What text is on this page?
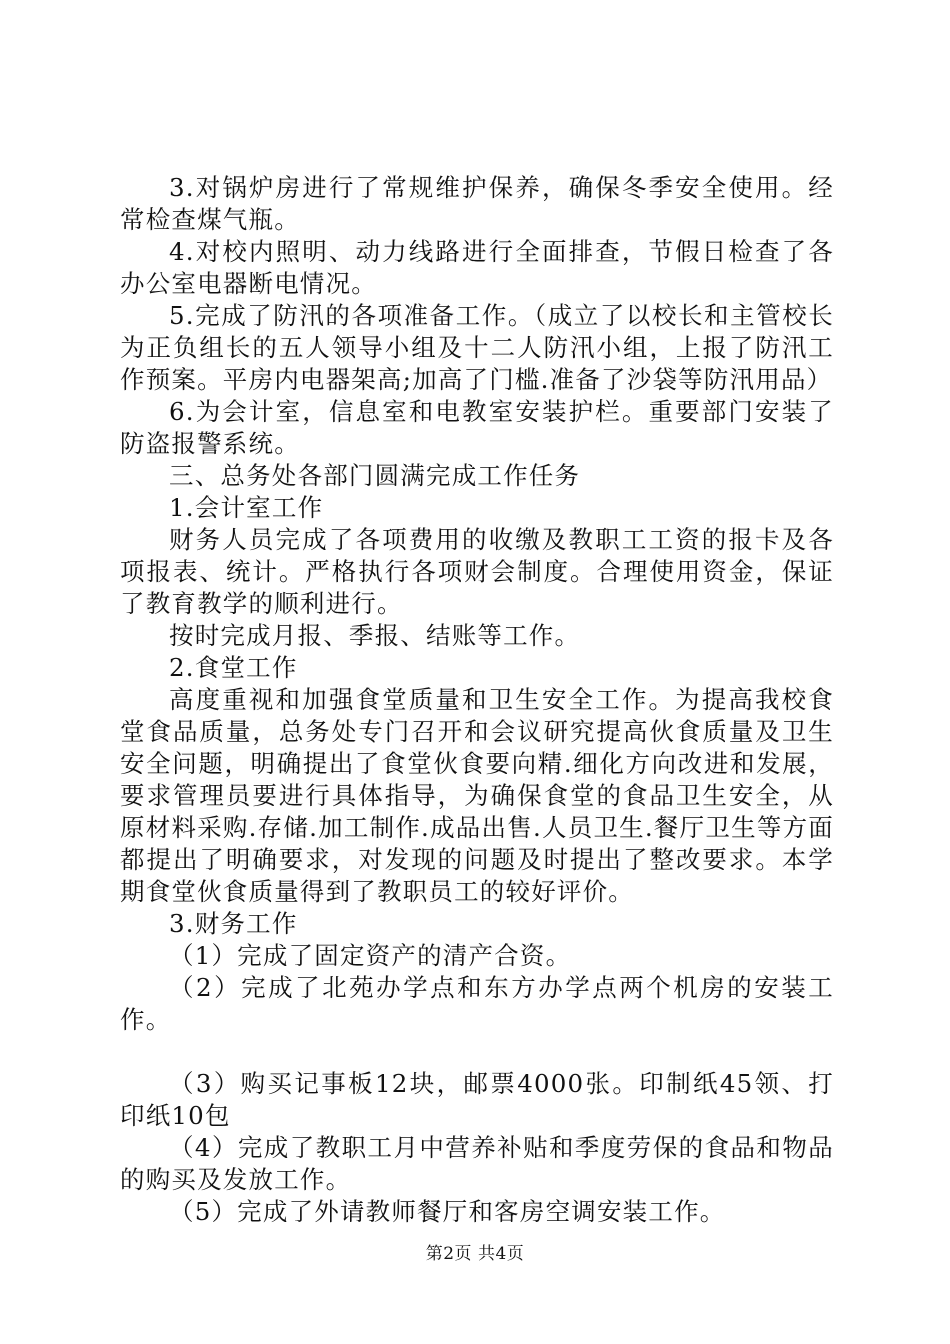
3.对锅炉房进行了常规维护保养，确保冬季安全使用。经常检查煤气瓶。

4.对校内照明、动力线路进行全面排查，节假日检查了各办公室电器断电情况。

5.完成了防汛的各项准备工作。（成立了以校长和主管校长为正负组长的五人领导小组及十二人防汛小组，上报了防汛工作预案。平房内电器架高;加高了门槛.准备了沙袋等防汛用品）

6.为会计室，信息室和电教室安装护栏。重要部门安装了防盗报警系统。

三、总务处各部门圆满完成工作任务

1.会计室工作

财务人员完成了各项费用的收缴及教职工工资的报卡及各项报表、统计。严格执行各项财会制度。合理使用资金，保证了教育教学的顺利进行。

按时完成月报、季报、结账等工作。

2.食堂工作

高度重视和加强食堂质量和卫生安全工作。为提高我校食堂食品质量，总务处专门召开和会议研究提高伙食质量及卫生安全问题，明确提出了食堂伙食要向精.细化方向改进和发展，要求管理员要进行具体指导，为确保食堂的食品卫生安全，从原材料采购.存储.加工制作.成品出售.人员卫生.餐厅卫生等方面都提出了明确要求，对发现的问题及时提出了整改要求。本学期食堂伙食质量得到了教职员工的较好评价。

3.财务工作

（1）完成了固定资产的清产合资。

（2）完成了北苑办学点和东方办学点两个机房的安装工作。

（3）购买记事板12块，邮票4000张。印制纸45领、打印纸10包

（4）完成了教职工月中营养补贴和季度劳保的食品和物品的购买及发放工作。

（5）完成了外请教师餐厅和客房空调安装工作。

第2页 共4页
